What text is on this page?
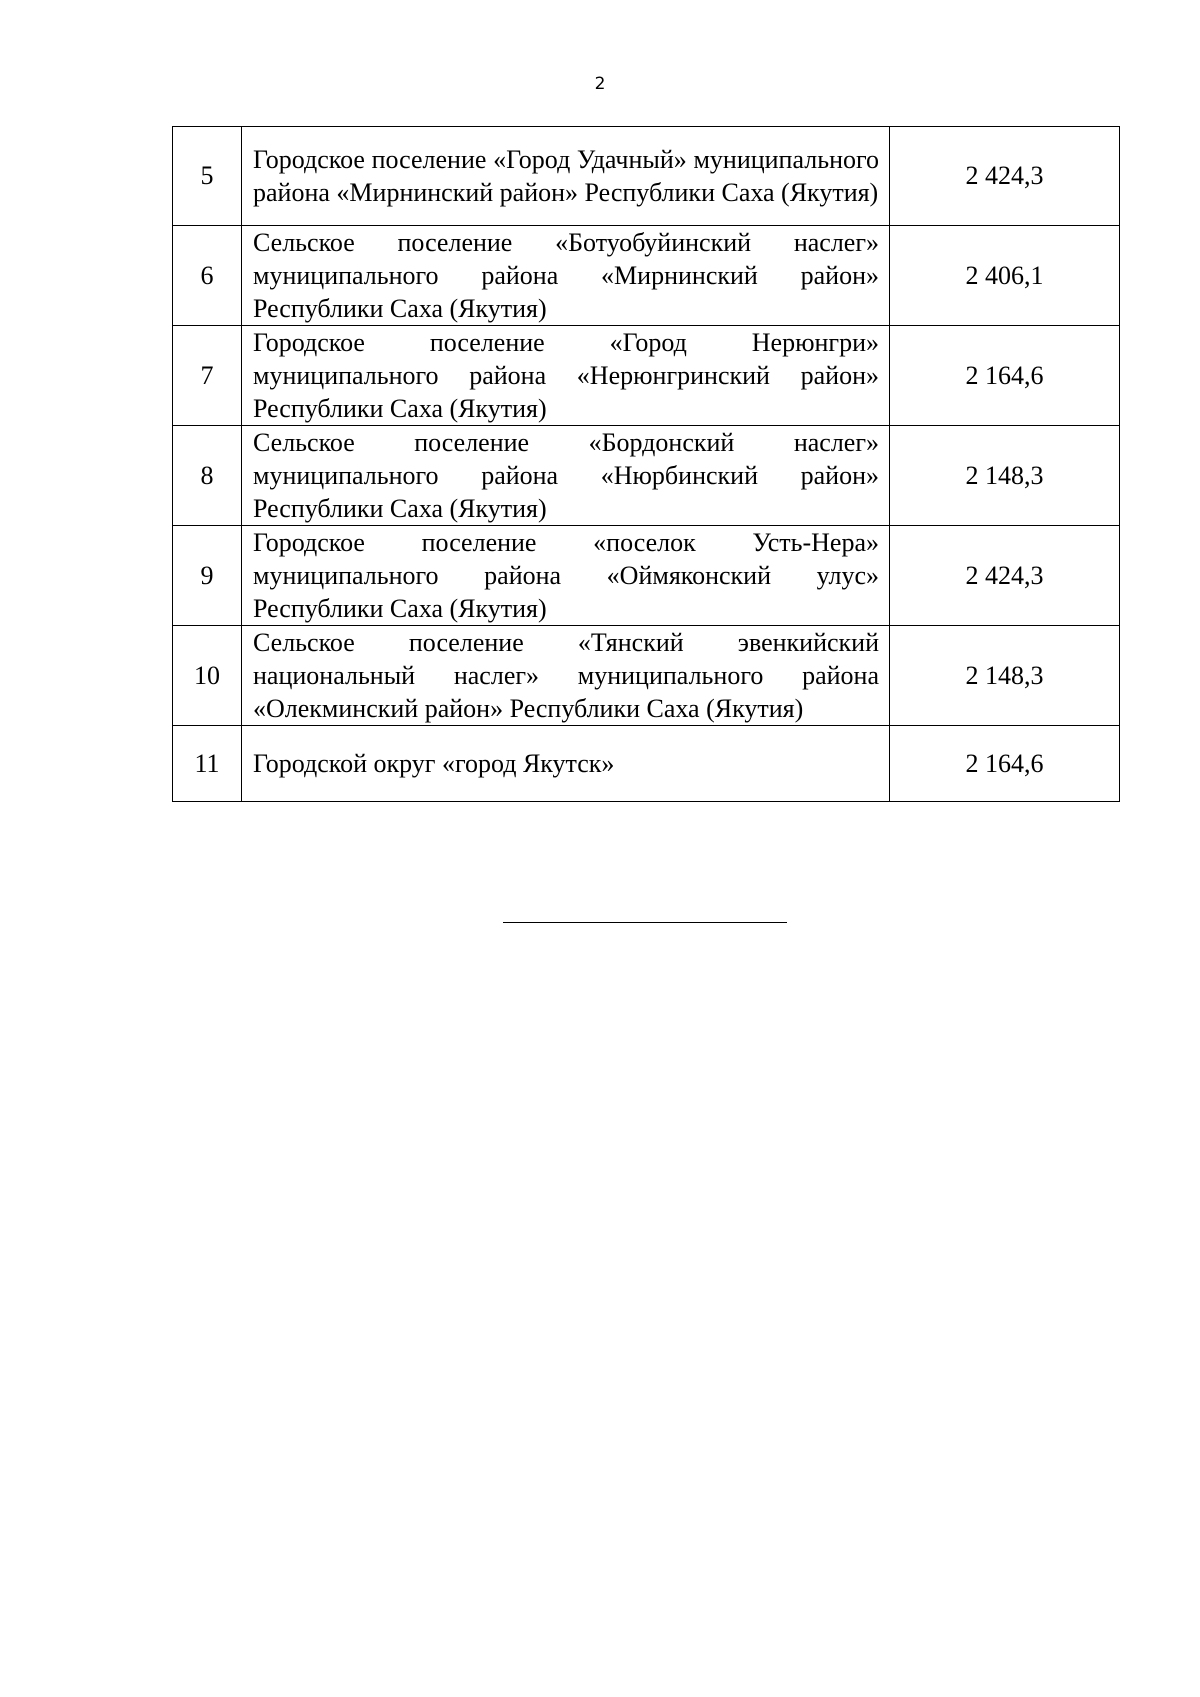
2
5	Городское поселение «Город Удачный» муниципального района «Мирнинский район» Республики Саха (Якутия)	2 424,3
6	Сельское поселение «Ботуобуйинский наслег» муниципального района «Мирнинский район» Республики Саха (Якутия)	2 406,1
7	Городское поселение «Город Нерюнгри» муниципального района «Нерюнгринский район» Республики Саха (Якутия)	2 164,6
8	Сельское поселение «Бордонский наслег» муниципального района «Нюрбинский район» Республики Саха (Якутия)	2 148,3
9	Городское поселение «поселок Усть-Нера» муниципального района «Оймяконский улус» Республики Саха (Якутия)	2 424,3
10	Сельское поселение «Тянский эвенкийский национальный наслег» муниципального района «Олекминский район» Республики Саха (Якутия)	2 148,3
11	Городской округ «город Якутск»	2 164,6
